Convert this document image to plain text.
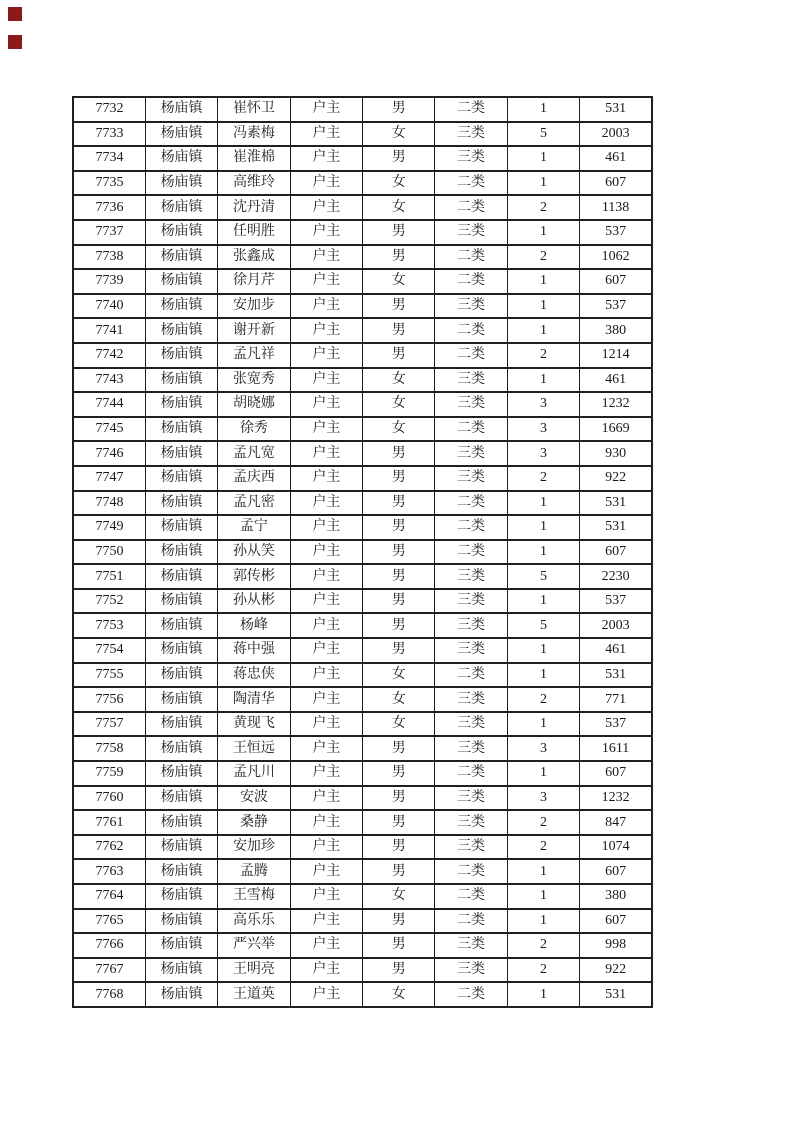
7732	杨庙镇	崔怀卫	户主	男	二类	1	531
7733	杨庙镇	冯素梅	户主	女	三类	5	2003
7734	杨庙镇	崔淮棉	户主	男	三类	1	461
7735	杨庙镇	高维玲	户主	女	二类	1	607
7736	杨庙镇	沈丹清	户主	女	二类	2	1138
7737	杨庙镇	任明胜	户主	男	三类	1	537
7738	杨庙镇	张鑫成	户主	男	二类	2	1062
7739	杨庙镇	徐月芹	户主	女	二类	1	607
7740	杨庙镇	安加步	户主	男	三类	1	537
7741	杨庙镇	谢开新	户主	男	二类	1	380
7742	杨庙镇	孟凡祥	户主	男	二类	2	1214
7743	杨庙镇	张宽秀	户主	女	三类	1	461
7744	杨庙镇	胡晓娜	户主	女	三类	3	1232
7745	杨庙镇	徐秀	户主	女	二类	3	1669
7746	杨庙镇	孟凡宽	户主	男	三类	3	930
7747	杨庙镇	孟庆西	户主	男	三类	2	922
7748	杨庙镇	孟凡密	户主	男	二类	1	531
7749	杨庙镇	孟宁	户主	男	二类	1	531
7750	杨庙镇	孙从笑	户主	男	二类	1	607
7751	杨庙镇	郭传彬	户主	男	三类	5	2230
7752	杨庙镇	孙从彬	户主	男	三类	1	537
7753	杨庙镇	杨峰	户主	男	三类	5	2003
7754	杨庙镇	蒋中强	户主	男	三类	1	461
7755	杨庙镇	蒋忠侠	户主	女	二类	1	531
7756	杨庙镇	陶清华	户主	女	三类	2	771
7757	杨庙镇	黄现飞	户主	女	三类	1	537
7758	杨庙镇	王恒远	户主	男	三类	3	1611
7759	杨庙镇	孟凡川	户主	男	二类	1	607
7760	杨庙镇	安波	户主	男	三类	3	1232
7761	杨庙镇	桑静	户主	男	三类	2	847
7762	杨庙镇	安加珍	户主	男	三类	2	1074
7763	杨庙镇	孟腾	户主	男	二类	1	607
7764	杨庙镇	王雪梅	户主	女	二类	1	380
7765	杨庙镇	高乐乐	户主	男	二类	1	607
7766	杨庙镇	严兴举	户主	男	三类	2	998
7767	杨庙镇	王明亮	户主	男	三类	2	922
7768	杨庙镇	王道英	户主	女	二类	1	531
